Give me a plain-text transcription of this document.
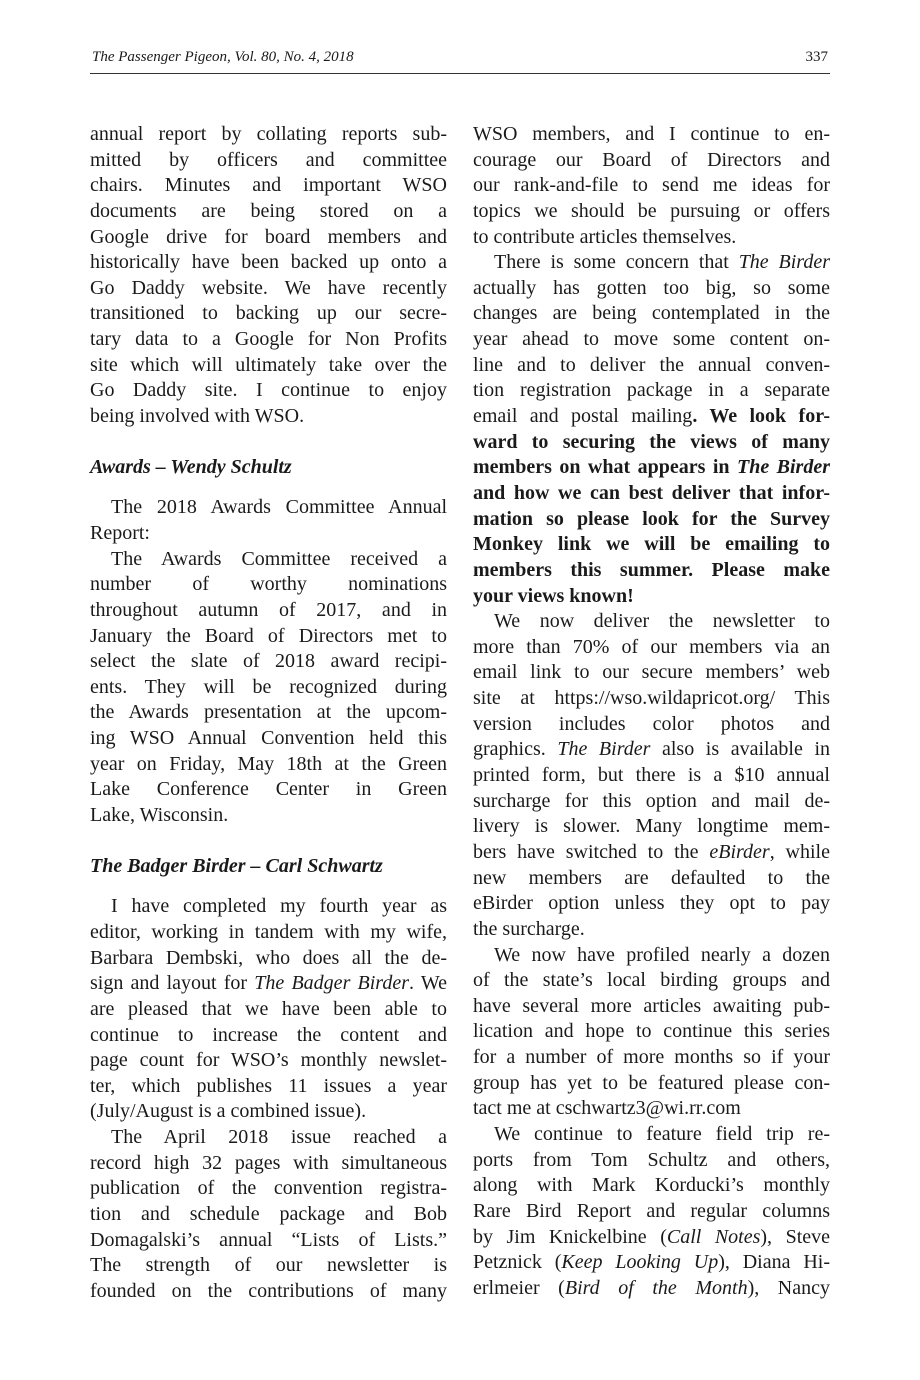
The Passenger Pigeon, Vol. 80, No. 4, 2018	337
annual report by collating reports sub-
mitted by officers and committee
chairs. Minutes and important WSO
documents are being stored on a
Google drive for board members and
historically have been backed up onto a
Go Daddy website. We have recently
transitioned to backing up our secre-
tary data to a Google for Non Profits
site which will ultimately take over the
Go Daddy site. I continue to enjoy
being involved with WSO.
Awards – Wendy Schultz
The 2018 Awards Committee Annual
Report:
The Awards Committee received a
number of worthy nominations
throughout autumn of 2017, and in
January the Board of Directors met to
select the slate of 2018 award recipi-
ents. They will be recognized during
the Awards presentation at the upcom-
ing WSO Annual Convention held this
year on Friday, May 18th at the Green
Lake Conference Center in Green
Lake, Wisconsin.
The Badger Birder – Carl Schwartz
I have completed my fourth year as
editor, working in tandem with my wife,
Barbara Dembski, who does all the de-
sign and layout for The Badger Birder. We
are pleased that we have been able to
continue to increase the content and
page count for WSO’s monthly newslet-
ter, which publishes 11 issues a year
(July/August is a combined issue).
The April 2018 issue reached a
record high 32 pages with simultaneous
publication of the convention registra-
tion and schedule package and Bob
Domagalski’s annual “Lists of Lists.”
The strength of our newsletter is
founded on the contributions of many
WSO members, and I continue to en-
courage our Board of Directors and
our rank-and-file to send me ideas for
topics we should be pursuing or offers
to contribute articles themselves.
There is some concern that The Birder
actually has gotten too big, so some
changes are being contemplated in the
year ahead to move some content on-
line and to deliver the annual conven-
tion registration package in a separate
email and postal mailing. We look for-
ward to securing the views of many
members on what appears in The Birder
and how we can best deliver that infor-
mation so please look for the Survey
Monkey link we will be emailing to
members this summer. Please make
your views known!
We now deliver the newsletter to
more than 70% of our members via an
email link to our secure members’ web
site at https://wso.wildapricot.org/ This
version includes color photos and
graphics. The Birder also is available in
printed form, but there is a $10 annual
surcharge for this option and mail de-
livery is slower. Many longtime mem-
bers have switched to the eBirder, while
new members are defaulted to the
eBirder option unless they opt to pay
the surcharge.
We now have profiled nearly a dozen
of the state’s local birding groups and
have several more articles awaiting pub-
lication and hope to continue this series
for a number of more months so if your
group has yet to be featured please con-
tact me at cschwartz3@wi.rr.com
We continue to feature field trip re-
ports from Tom Schultz and others,
along with Mark Korducki’s monthly
Rare Bird Report and regular columns
by Jim Knickelbine (Call Notes), Steve
Petznick (Keep Looking Up), Diana Hi-
erlmeier (Bird of the Month), Nancy
